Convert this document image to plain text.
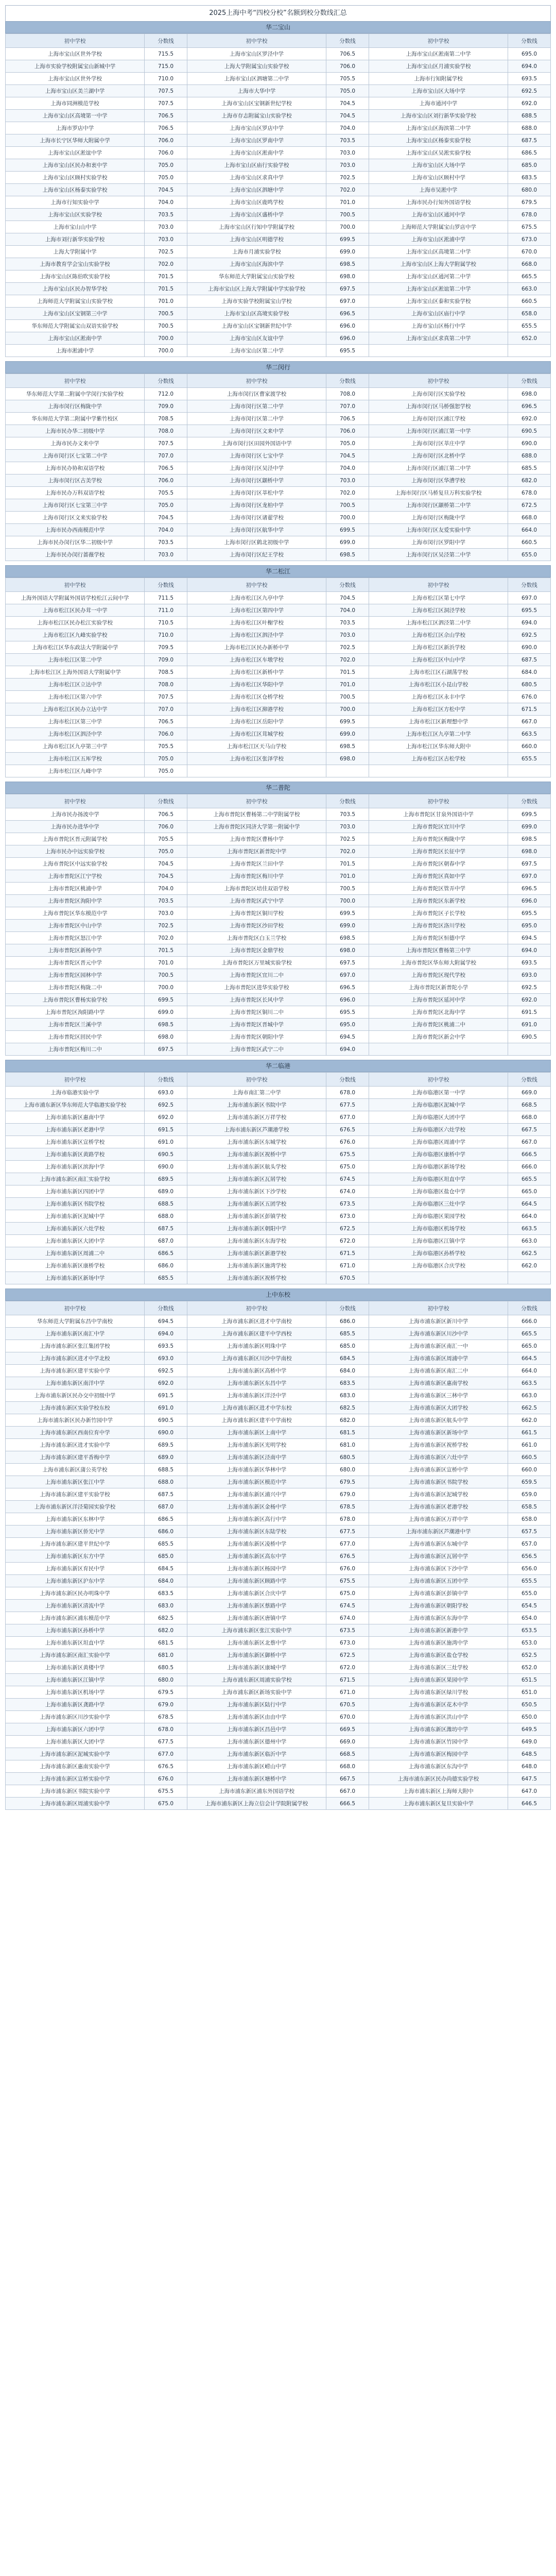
2025上海中考“四校分校”名额到校分数线汇总
华二宝山
初中学校	分数线	初中学校	分数线	初中学校	分数线
上海市宝山区世外学校	715.5	上海市宝山区罗泾中学	706.5	上海市宝山区淞南第二中学	695.0
上海市实验学校附属宝山新城中学	715.0	上海大学附属宝山实验学校	706.0	上海市宝山区月浦实验学校	694.0
上海市宝山区世外学校	710.0	上海市宝山区泗塘第二中学	705.5	上海市行知附属学校	693.5
上海市宝山区美兰湖中学	707.5	上海市大华中学	705.0	上海市宝山区大场中学	692.5
上海市同洲模范学校	707.5	上海市宝山区宝钢新世纪学校	704.5	上海市通河中学	692.0
上海市宝山区高境第一中学	706.5	上海市存志附属宝山实验学校	704.5	上海市宝山区刘行新华实验学校	688.5
上海市罗店中学	706.5	上海市宝山区罗店中学	704.0	上海市宝山区海滨第二中学	688.0
上海市长宁区华师大附属中学	706.0	上海市宝山区罗南中学	703.5	上海市宝山区杨泰实验学校	687.5
上海市宝山区淞谊中学	706.0	上海市宝山区淞南中学	703.0	上海市宝山区吴淞实验学校	686.5
上海市宝山区民办和衷中学	705.0	上海市宝山区庙行实验学校	703.0	上海市宝山区大场中学	685.0
上海市宝山区顾村实验学校	705.0	上海市宝山区求真中学	702.5	上海市宝山区顾村中学	683.5
上海市宝山区杨泰实验学校	704.5	上海市宝山区泗塘中学	702.0	上海市吴淞中学	680.0
上海市行知实验中学	704.0	上海市宝山区鹿鸣学校	701.0	上海市民办行知外国语学校	679.5
上海市宝山区实验学校	703.5	上海市宝山区盛桥中学	700.5	上海市宝山区通河中学	678.0
上海市宝山山中学	703.0	上海市宝山区行知中学附属学校	700.0	上海师范大学附属宝山罗店中学	675.5
上海市刘行新华实验学校	703.0	上海市宝山区明德学校	699.5	上海市宝山区淞浦中学	673.0
上海大学附属中学	702.5	上海市月浦实验学校	699.0	上海市宝山区高境第二中学	670.0
上海市教育学会宝山实验学校	702.0	上海市宝山区海滨中学	698.5	上海市宝山区上海大学附属学校	668.0
上海市宝山区陈伯吹实验学校	701.5	华东师范大学附属宝山实验学校	698.0	上海市宝山区通河第二中学	665.5
上海市宝山区民办智华学校	701.5	上海市宝山区上海大学附属中学实验学校	697.5	上海市宝山区淞谊第二中学	663.0
上海师范大学附属宝山实验学校	701.0	上海市实验学校附属宝山学校	697.0	上海市宝山区泰和实验学校	660.5
上海市宝山区宝钢第三中学	700.5	上海市宝山区高境实验学校	696.5	上海市宝山区庙行中学	658.0
华东师范大学附属宝山双语实验学校	700.5	上海市宝山区宝钢新世纪中学	696.0	上海市宝山区杨行中学	655.5
上海市宝山区淞南中学	700.0	上海市宝山区友谊中学	696.0	上海市宝山区求真第二中学	652.0
上海市淞浦中学	700.0	上海市宝山区第二中学	695.5		
华二闵行
初中学校	分数线	初中学校	分数线	初中学校	分数线
华东师范大学第二附属中学闵行实验学校	712.0	上海市闵行区曹家渡学校	708.0	上海市闵行区实验学校	698.0
上海市闵行区梅陇中学	709.0	上海市闵行区第二中学	707.0	上海市闵行区马桥强恕学校	696.5
华东师范大学第二附属中学紫竹校区	708.5	上海市闵行区第二中学	706.5	上海市闵行区浦江学校	692.0
上海市民办华二初级中学	708.0	上海市闵行区文来中学	706.0	上海市闵行区浦江第一中学	690.5
上海市民办文来中学	707.5	上海市闵行区田园外国语中学	705.0	上海市闵行区莘庄中学	690.0
上海市闵行区七宝第二中学	707.0	上海市闵行区七宝中学	704.5	上海市闵行区北桥中学	688.0
上海市民办协和双语学校	706.5	上海市闵行区吴泾中学	704.0	上海市闵行区浦江第二中学	685.5
上海市闵行区古美学校	706.0	上海市闵行区颛桥中学	703.0	上海市闵行区华漕学校	682.0
上海市民办万科双语学校	705.5	上海市闵行区莘松中学	702.0	上海市闵行区马桥复旦万科实验学校	678.0
上海市闵行区七宝第三中学	705.0	上海市闵行区龙柏中学	700.5	上海市闵行区颛桥第二中学	672.5
上海市闵行区文来实验学校	704.5	上海市闵行区诸翟学校	700.0	上海市闵行区梅陇中学	668.0
上海市民办西南模范中学	704.0	上海市闵行区航华中学	699.5	上海市闵行区友爱实验中学	664.0
上海市民办闵行区华二初级中学	703.5	上海市闵行区鹤北初级中学	699.0	上海市闵行区罗阳中学	660.5
上海市民办闵行蔷薇学校	703.0	上海市闵行区纪王学校	698.5	上海市闵行区吴泾第二中学	655.0
华二松江
初中学校	分数线	初中学校	分数线	初中学校	分数线
上海外国语大学附属外国语学校松江云间中学	711.5	上海市松江区九亭中学	704.5	上海市松江区第七中学	697.0
上海市松江区民办茸一中学	711.0	上海市松江区第四中学	704.0	上海市松江区洞泾学校	695.5
上海市松江区民办松江实验学校	710.5	上海市松江区叶榭学校	703.5	上海市松江区泗泾第二中学	694.0
上海市松江区九峰实验学校	710.0	上海市松江区泗泾中学	703.0	上海市松江区佘山学校	692.5
上海市松江区华东政法大学附属中学	709.5	上海市松江区民办新桥中学	702.5	上海市松江区新浜学校	690.0
上海市松江区第二中学	709.0	上海市松江区车墩学校	702.0	上海市松江区中山中学	687.5
上海市松江区上海外国语大学附属中学	708.5	上海市松江区新桥中学	701.5	上海市松江区石湖荡学校	684.0
上海市松江区立达中学	708.0	上海市松江区华阳中学	701.0	上海市松江区小昆山学校	680.5
上海市松江区第六中学	707.5	上海市松江区仓桥学校	700.5	上海市松江区永丰中学	676.0
上海市松江区民办立达中学	707.0	上海市松江区泖港学校	700.0	上海市松江区方松中学	671.5
上海市松江区第三中学	706.5	上海市松江区岳阳中学	699.5	上海市松江区新理想中学	667.0
上海市松江区泗泾中学	706.0	上海市松江区茸城学校	699.0	上海市松江区九亭第二中学	663.5
上海市松江区九亭第三中学	705.5	上海市松江区天马山学校	698.5	上海市松江区华东师大附中	660.0
上海市松江区五厍学校	705.0	上海市松江区张泽学校	698.0	上海市松江区古松学校	655.5
上海市松江区九峰中学	705.0				
华二普陀
初中学校	分数线	初中学校	分数线	初中学校	分数线
上海市民办扬波中学	706.5	上海市普陀区曹杨第二中学附属学校	703.5	上海市普陀区甘泉外国语中学	699.5
上海市民办进华中学	706.0	上海市普陀区同济大学第一附属中学	703.0	上海市普陀区宜川中学	699.0
上海市普陀区晋元附属学校	705.5	上海市普陀区曹杨中学	702.5	上海市普陀区梅陇中学	698.5
上海市民办中远实验学校	705.0	上海市普陀区新普陀中学	702.0	上海市普陀区长征中学	698.0
上海市普陀区中远实验学校	704.5	上海市普陀区兰田中学	701.5	上海市普陀区朝春中学	697.5
上海市普陀区江宁学校	704.5	上海市普陀区梅川中学	701.0	上海市普陀区真如中学	697.0
上海市普陀区桃浦中学	704.0	上海市普陀区培佳双语学校	700.5	上海市普陀区管弄中学	696.5
上海市普陀区洵阳中学	703.5	上海市普陀区武宁中学	700.0	上海市普陀区东新学校	696.0
上海市普陀区华东模范中学	703.0	上海市普陀区铜川学校	699.5	上海市普陀区子长学校	695.5
上海市普陀区中山中学	702.5	上海市普陀区沙田学校	699.0	上海市普陀区洛川学校	695.0
上海市普陀区怒江中学	702.0	上海市普陀区白玉兰学校	698.5	上海市普陀区恒德中学	694.5
上海市普陀区新杨中学	701.5	上海市普陀区金鼎学校	698.0	上海市普陀区曹杨第三中学	694.0
上海市普陀区晋元中学	701.0	上海市普陀区万里城实验学校	697.5	上海市普陀区华东师大附属学校	693.5
上海市普陀区园林中学	700.5	上海市普陀区宜川二中	697.0	上海市普陀区现代学校	693.0
上海市普陀区梅陇二中	700.0	上海市普陀区进华实验学校	696.5	上海市普陀区新普陀小学	692.5
上海市普陀区曹杨实验学校	699.5	上海市普陀区长风中学	696.0	上海市普陀区延河中学	692.0
上海市普陀区洵阳路中学	699.0	上海市普陀区铜川二中	695.5	上海市普陀区北海中学	691.5
上海市普陀区兰溪中学	698.5	上海市普陀区晋城中学	695.0	上海市普陀区桃浦二中	691.0
上海市普陀区回民中学	698.0	上海市普陀区朝阳中学	694.5	上海市普陀区新会中学	690.5
上海市普陀区梅川二中	697.5	上海市普陀区武宁二中	694.0		
华二临港
初中学校	分数线	初中学校	分数线	初中学校	分数线
上海市临港实验中学	693.0	上海市南汇第二中学	678.0	上海市临港区第一中学	669.0
上海市浦东新区华东师范大学临港实验学校	692.5	上海市浦东新区书院中学	677.5	上海市临港区泥城中学	668.5
上海市浦东新区惠南中学	692.0	上海市浦东新区万祥学校	677.0	上海市临港区大团中学	668.0
上海市浦东新区老港中学	691.5	上海市浦东新区芦潮港学校	676.5	上海市临港区六灶学校	667.5
上海市浦东新区宣桥学校	691.0	上海市浦东新区东城学校	676.0	上海市临港区周浦中学	667.0
上海市浦东新区黄路学校	690.5	上海市浦东新区祝桥中学	675.5	上海市临港区康桥中学	666.5
上海市浦东新区滨海中学	690.0	上海市浦东新区航头学校	675.0	上海市临港区新场学校	666.0
上海市浦东新区南汇实验学校	689.5	上海市浦东新区瓦屑学校	674.5	上海市临港区坦直中学	665.5
上海市浦东新区四团中学	689.0	上海市浦东新区下沙学校	674.0	上海市临港区盐仓中学	665.0
上海市浦东新区书院学校	688.5	上海市浦东新区五团学校	673.5	上海市临港区三灶中学	664.5
上海市浦东新区泥城中学	688.0	上海市浦东新区彭镇学校	673.0	上海市临港区果园学校	664.0
上海市浦东新区六灶学校	687.5	上海市浦东新区朝阳中学	672.5	上海市临港区机场学校	663.5
上海市浦东新区大团中学	687.0	上海市浦东新区东海学校	672.0	上海市临港区江镇中学	663.0
上海市浦东新区周浦二中	686.5	上海市浦东新区新港学校	671.5	上海市临港区孙桥学校	662.5
上海市浦东新区康桥学校	686.0	上海市浦东新区施湾学校	671.0	上海市临港区合庆学校	662.0
上海市浦东新区新场中学	685.5	上海市浦东新区祝桥学校	670.5		
上中东校
初中学校	分数线	初中学校	分数线	初中学校	分数线
华东师范大学附属东昌中学南校	694.5	上海市浦东新区进才中学南校	686.0	上海市浦东新区新川中学	666.0
上海市浦东新区南汇中学	694.0	上海市浦东新区建平中学西校	685.5	上海市浦东新区川沙中学	665.5
上海市浦东新区张江集团学校	693.5	上海市浦东新区明珠中学	685.0	上海市浦东新区南汇一中	665.0
上海市浦东新区进才中学北校	693.0	上海市浦东新区川沙中学南校	684.5	上海市浦东新区周浦中学	664.5
上海市浦东新区建平实验中学	692.5	上海市浦东新区高桥中学	684.0	上海市浦东新区南汇二中	664.0
上海市浦东新区南洋中学	692.0	上海市浦东新区东昌中学	683.5	上海市浦东新区惠南学校	663.5
上海市浦东新区民办交中初级中学	691.5	上海市浦东新区洋泾中学	683.0	上海市浦东新区三林中学	663.0
上海市浦东新区实验学校东校	691.0	上海市浦东新区进才中学东校	682.5	上海市浦东新区大团学校	662.5
上海市浦东新区民办新竹园中学	690.5	上海市浦东新区建平中学南校	682.0	上海市浦东新区航头中学	662.0
上海市浦东新区西南位育中学	690.0	上海市浦东新区上南中学	681.5	上海市浦东新区新场中学	661.5
上海市浦东新区进才实验中学	689.5	上海市浦东新区光明学校	681.0	上海市浦东新区祝桥学校	661.0
上海市浦东新区建平香梅中学	689.0	上海市浦东新区泾南中学	680.5	上海市浦东新区六灶中学	660.5
上海市浦东新区蒲公英学校	688.5	上海市浦东新区华林中学	680.0	上海市浦东新区宣桥中学	660.0
上海市浦东新区张江中学	688.0	上海市浦东新区模范中学	679.5	上海市浦东新区书院学校	659.5
上海市浦东新区建平实验学校	687.5	上海市浦东新区浦兴中学	679.0	上海市浦东新区泥城学校	659.0
上海市浦东新区洋泾菊园实验学校	687.0	上海市浦东新区金杨中学	678.5	上海市浦东新区老港学校	658.5
上海市浦东新区东林中学	686.5	上海市浦东新区高行中学	678.0	上海市浦东新区万祥中学	658.0
上海市浦东新区侨光中学	686.0	上海市浦东新区东陆学校	677.5	上海市浦东新区芦潮港中学	657.5
上海市浦东新区建平世纪中学	685.5	上海市浦东新区凌桥中学	677.0	上海市浦东新区东城中学	657.0
上海市浦东新区东方中学	685.0	上海市浦东新区高东中学	676.5	上海市浦东新区瓦屑中学	656.5
上海市浦东新区育民中学	684.5	上海市浦东新区杨园中学	676.0	上海市浦东新区下沙中学	656.0
上海市浦东新区沪东中学	684.0	上海市浦东新区顾路中学	675.5	上海市浦东新区五团中学	655.5
上海市浦东新区民办明珠中学	683.5	上海市浦东新区合庆中学	675.0	上海市浦东新区彭镇中学	655.0
上海市浦东新区清流中学	683.0	上海市浦东新区蔡路中学	674.5	上海市浦东新区朝阳学校	654.5
上海市浦东新区浦东模范中学	682.5	上海市浦东新区唐镇中学	674.0	上海市浦东新区东海中学	654.0
上海市浦东新区孙桥中学	682.0	上海市浦东新区张江实验中学	673.5	上海市浦东新区新港中学	653.5
上海市浦东新区坦直中学	681.5	上海市浦东新区北蔡中学	673.0	上海市浦东新区施湾中学	653.0
上海市浦东新区南汇实验中学	681.0	上海市浦东新区御桥中学	672.5	上海市浦东新区盐仓学校	652.5
上海市浦东新区黄楼中学	680.5	上海市浦东新区康城中学	672.0	上海市浦东新区三灶学校	652.0
上海市浦东新区江镇中学	680.0	上海市浦东新区周浦实验学校	671.5	上海市浦东新区果园中学	651.5
上海市浦东新区机场中学	679.5	上海市浦东新区新场实验中学	671.0	上海市浦东新区绿川学校	651.0
上海市浦东新区龚路中学	679.0	上海市浦东新区陆行中学	670.5	上海市浦东新区花木中学	650.5
上海市浦东新区川沙实验中学	678.5	上海市浦东新区由由中学	670.0	上海市浦东新区洪山中学	650.0
上海市浦东新区六团中学	678.0	上海市浦东新区昌邑中学	669.5	上海市浦东新区潍坊中学	649.5
上海市浦东新区大团中学	677.5	上海市浦东新区德州中学	669.0	上海市浦东新区竹园中学	649.0
上海市浦东新区泥城实验中学	677.0	上海市浦东新区临沂中学	668.5	上海市浦东新区梅园中学	648.5
上海市浦东新区惠南实验中学	676.5	上海市浦东新区崂山中学	668.0	上海市浦东新区东沟中学	648.0
上海市浦东新区宣桥实验中学	676.0	上海市浦东新区塘桥中学	667.5	上海市浦东新区民办尚德实验学校	647.5
上海市浦东新区书院实验中学	675.5	上海市浦东新区浦东外国语学校	667.0	上海市浦东新区上海师大附中	647.0
上海市浦东新区周浦实验中学	675.0	上海市浦东新区上海立信会计学院附属学校	666.5	上海市浦东新区复旦实验中学	646.5
